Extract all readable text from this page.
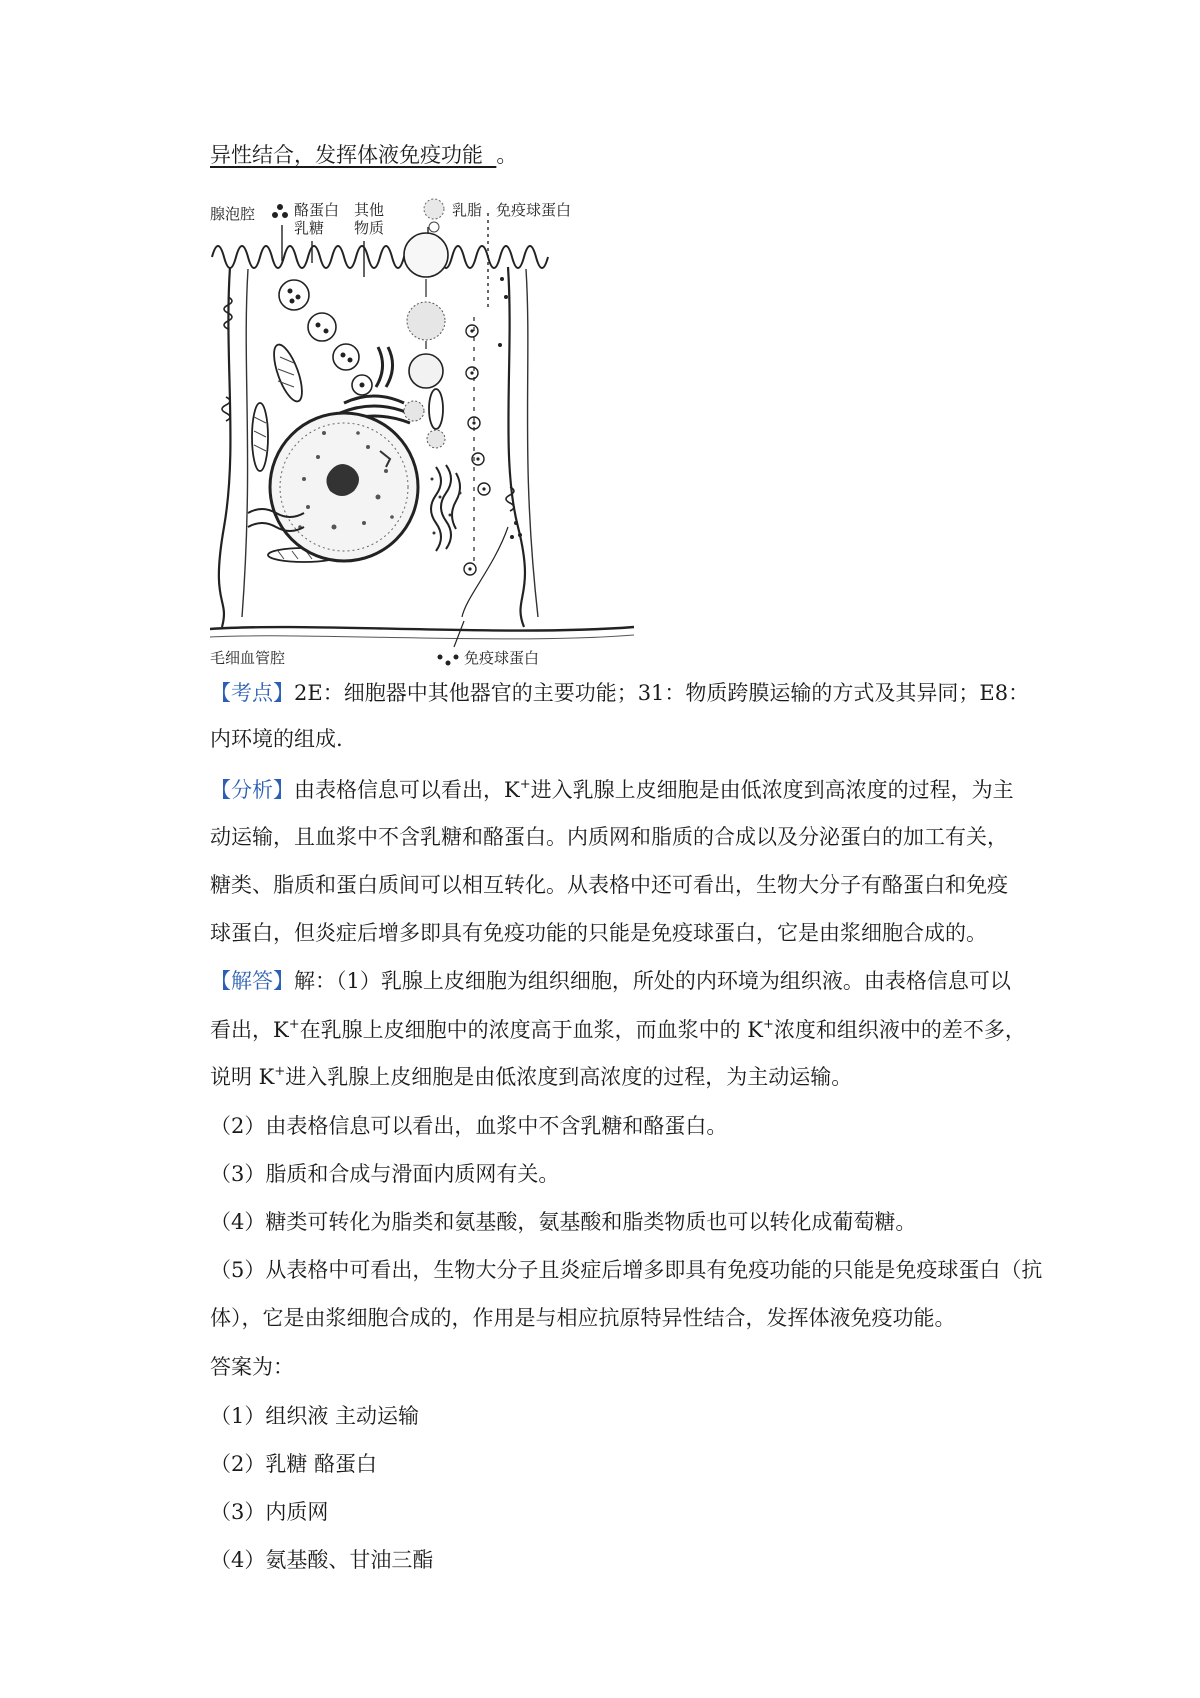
异性结合，发挥体液免疫功能 。
腺泡腔	酪蛋白
乳糖
其他
物质
乳脂 免疫球蛋白
毛细血管腔	免疫球蛋白
【考点】2E：细胞器中其他器官的主要功能；31：物质跨膜运输的方式及其异同；E8：
内环境的组成.
【分析】由表格信息可以看出，K+进入乳腺上皮细胞是由低浓度到高浓度的过程，为主
动运输，且血浆中不含乳糖和酪蛋白。内质网和脂质的合成以及分泌蛋白的加工有关，
糖类、脂质和蛋白质间可以相互转化。从表格中还可看出，生物大分子有酪蛋白和免疫
球蛋白，但炎症后增多即具有免疫功能的只能是免疫球蛋白，它是由浆细胞合成的。
【解答】解：（1）乳腺上皮细胞为组织细胞，所处的内环境为组织液。由表格信息可以
看出，K+在乳腺上皮细胞中的浓度高于血浆，而血浆中的 K+浓度和组织液中的差不多，
说明 K+进入乳腺上皮细胞是由低浓度到高浓度的过程，为主动运输。
（2）由表格信息可以看出，血浆中不含乳糖和酪蛋白。
（3）脂质和合成与滑面内质网有关。
（4）糖类可转化为脂类和氨基酸，氨基酸和脂类物质也可以转化成葡萄糖。
（5）从表格中可看出，生物大分子且炎症后增多即具有免疫功能的只能是免疫球蛋白（抗
体），它是由浆细胞合成的，作用是与相应抗原特异性结合，发挥体液免疫功能。
答案为：
（1）组织液 主动运输
（2）乳糖 酪蛋白
（3）内质网
（4）氨基酸、甘油三酯
